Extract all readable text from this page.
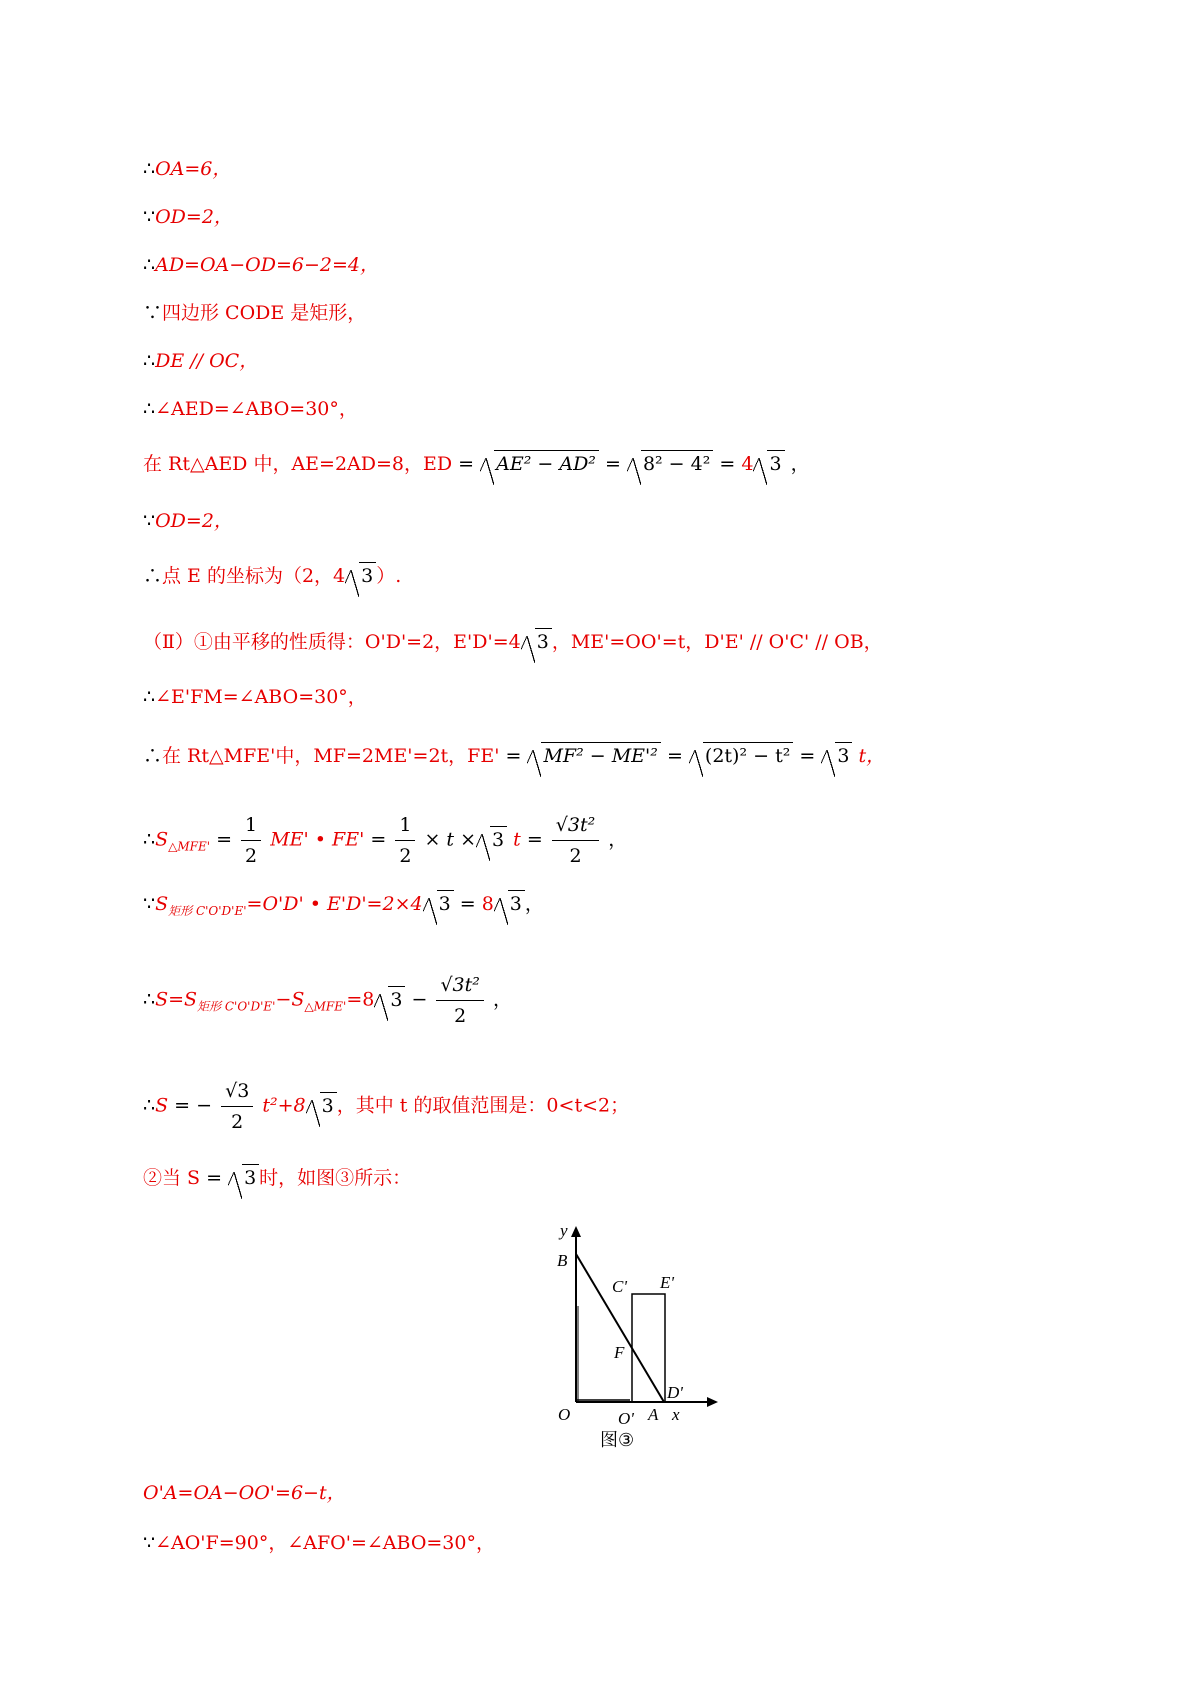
∴OA=6，
∵OD=2，
∴AD=OA−OD=6−2=4，
∵四边形 CODE 是矩形，
∴DE // OC，
∴∠AED=∠ABO=30°，
在 Rt△AED 中，AE=2AD=8，ED = AE² − AD² = 8² − 4² = 4 3 ，
∵OD=2，
∴点 E 的坐标为（2，4 3 ）.
（Ⅱ）①由平移的性质得：O'D'=2，E'D'=4 3 ，ME'=OO'=t，D'E' // O'C' // OB，
∴∠E'FM=∠ABO=30°，
∴在 Rt△MFE'中，MF=2ME'=2t，FE' = MF² − ME'² = (2t)² − t² = 3 t，
$\therefore S_{\triangle MFE'} = \frac{1}{2} ME'$ • $FE' = \frac{1}{2} \times t \times 3$ $t = \frac{\text{√3t²}}{2}$ ，
$\because S_{矩形 C'O'D'E'}=O'D'$ • E'D'=2×4 3 = 8 3 ，
$\therefore S=S_{矩形 C'O'D'E'}-S_{\triangle MFE'}=8$ $3 - \frac{\text{√3t²}}{2}$ ，
∴S = − $\frac{√3}{2} t^2+8$ 3 ，其中 t 的取值范围是：0<t<2；
②当 S = 3 时，如图③所示：
y
B
C' E'
F
D'
O	O' A x
图③
O'A=OA−OO'=6−t，
∵∠AO'F=90°，∠AFO'=∠ABO=30°，
